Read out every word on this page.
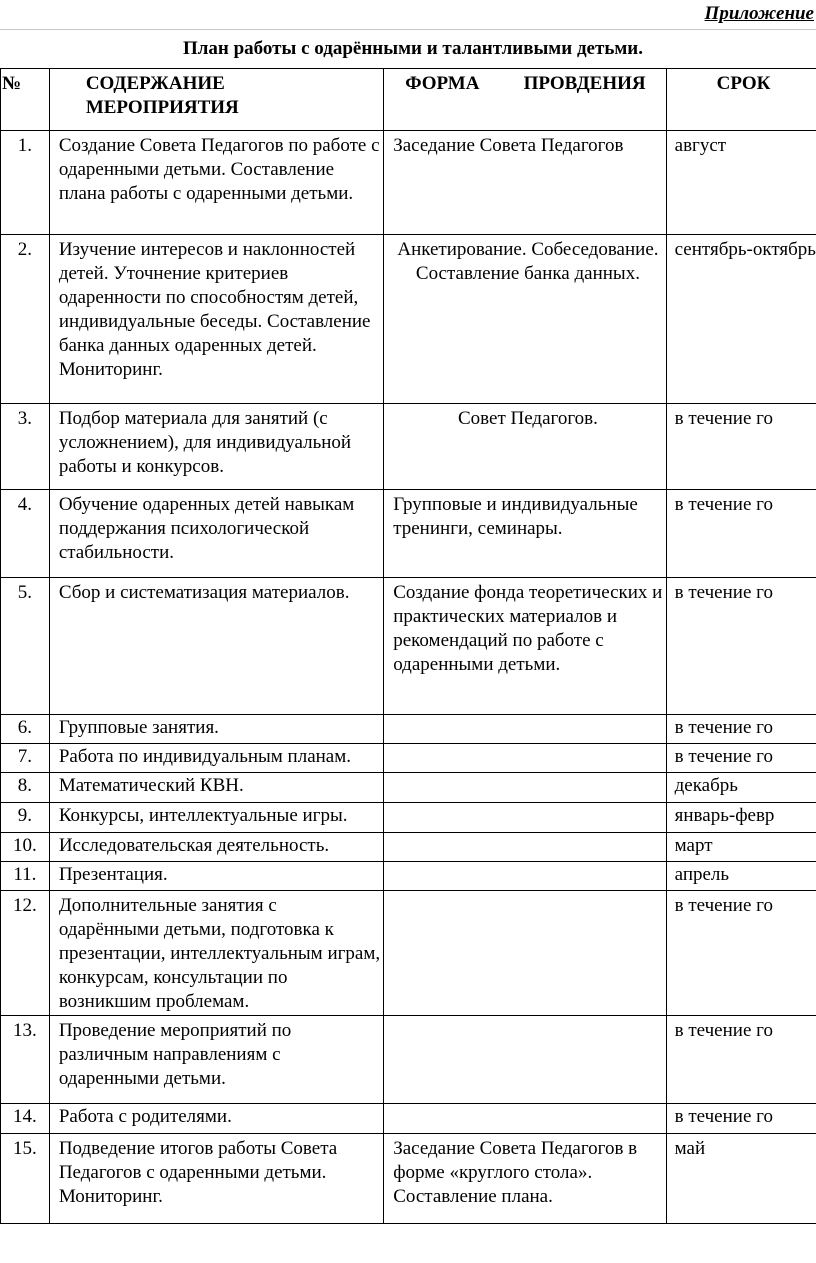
Приложение
План работы с одарёнными и талантливыми детьми.
№	СОДЕРЖАНИЕ МЕРОПРИЯТИЯ	ФОРМА ПРОВДЕНИЯ	СРОК
1.	Создание Совета Педагогов по работе с одаренными детьми. Составление плана работы с одаренными детьми.	Заседание Совета Педагогов	август
2.	Изучение интересов и наклонностей детей. Уточнение критериев одаренности по способностям детей, индивидуальные беседы. Составление банка данных одаренных детей. Мониторинг.	Анкетирование. Собеседование. Составление банка данных.	сентябрь-октябрь
3.	Подбор материала для занятий (с усложнением), для индивидуальной работы и конкурсов.	Совет Педагогов.	в течение го
4.	Обучение одаренных детей навыкам поддержания психологической стабильности.	Групповые и индивидуальные тренинги, семинары.	в течение го
5.	Сбор и систематизация материалов.	Создание фонда теоретических и практических материалов и рекомендаций по работе с одаренными детьми.	в течение го
6.	Групповые занятия.		в течение го
7.	Работа по индивидуальным планам.		в течение го
8.	Математический КВН.		декабрь
9.	Конкурсы, интеллектуальные игры.		январь-февр
10.	Исследовательская деятельность.		март
11.	Презентация.		апрель
12.	Дополнительные занятия с одарёнными детьми, подготовка к презентации, интеллектуальным играм, конкурсам, консультации по возникшим проблемам.		в течение го
13.	Проведение мероприятий по различным направлениям с одаренными детьми.		в течение го
14.	Работа с родителями.		в течение го
15.	Подведение итогов работы Совета Педагогов с одаренными детьми. Мониторинг.	Заседание Совета Педагогов в форме «круглого стола». Составление плана.	май
